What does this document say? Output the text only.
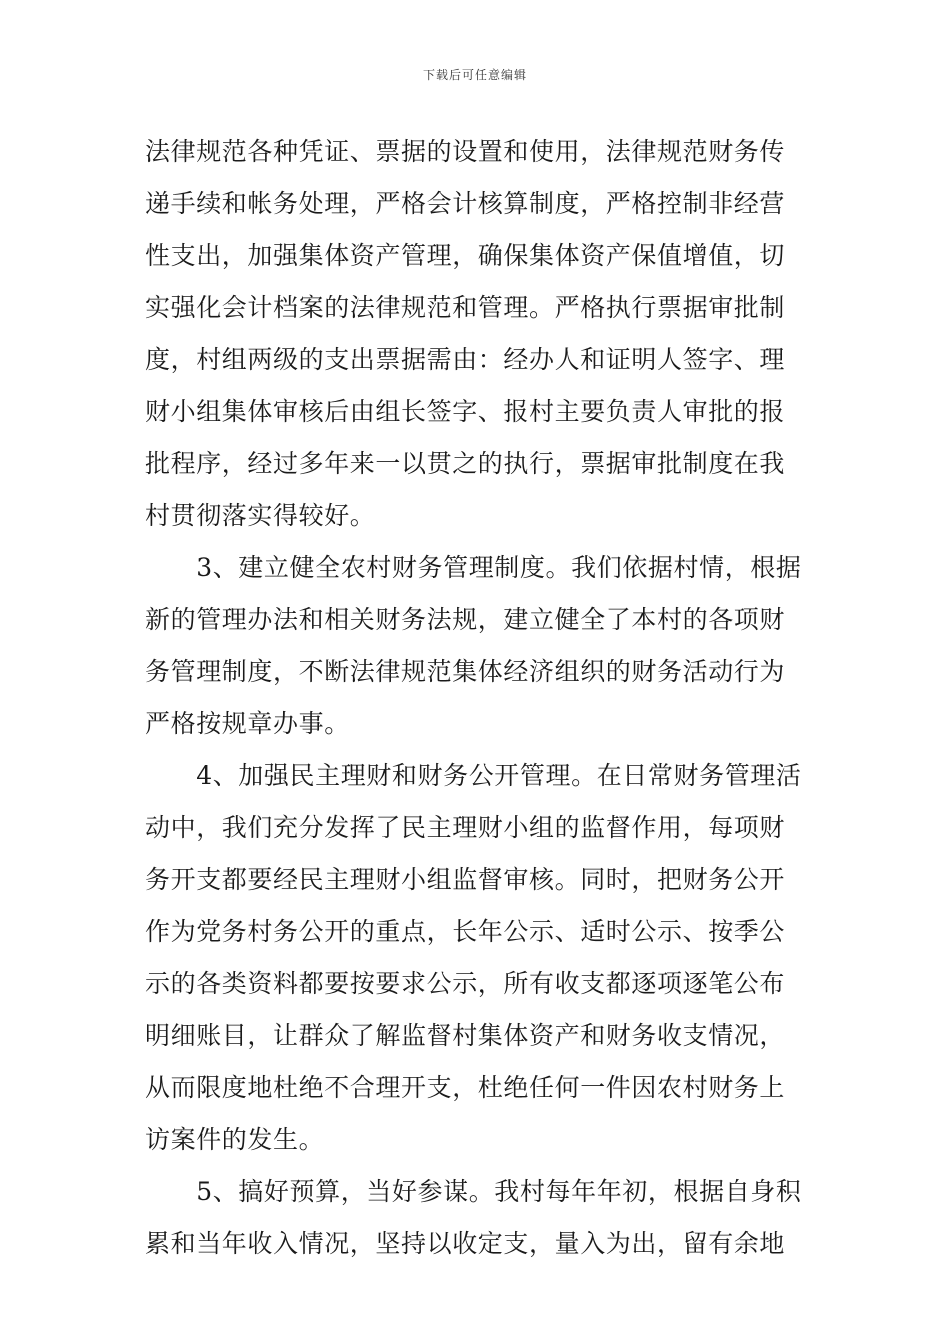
下载后可任意编辑
法律规范各种凭证、票据的设置和使用，法律规范财务传
递手续和帐务处理，严格会计核算制度，严格控制非经营
性支出，加强集体资产管理，确保集体资产保值增值，切
实强化会计档案的法律规范和管理。严格执行票据审批制
度，村组两级的支出票据需由：经办人和证明人签字、理
财小组集体审核后由组长签字、报村主要负责人审批的报
批程序，经过多年来一以贯之的执行，票据审批制度在我
村贯彻落实得较好。
　　3、建立健全农村财务管理制度。我们依据村情，根据
新的管理办法和相关财务法规，建立健全了本村的各项财
务管理制度，不断法律规范集体经济组织的财务活动行为
严格按规章办事。
　　4、加强民主理财和财务公开管理。在日常财务管理活
动中，我们充分发挥了民主理财小组的监督作用，每项财
务开支都要经民主理财小组监督审核。同时，把财务公开
作为党务村务公开的重点，长年公示、适时公示、按季公
示的各类资料都要按要求公示，所有收支都逐项逐笔公布
明细账目，让群众了解监督村集体资产和财务收支情况，
从而限度地杜绝不合理开支，杜绝任何一件因农村财务上
访案件的发生。
　　5、搞好预算，当好参谋。我村每年年初，根据自身积
累和当年收入情况，坚持以收定支，量入为出，留有余地
